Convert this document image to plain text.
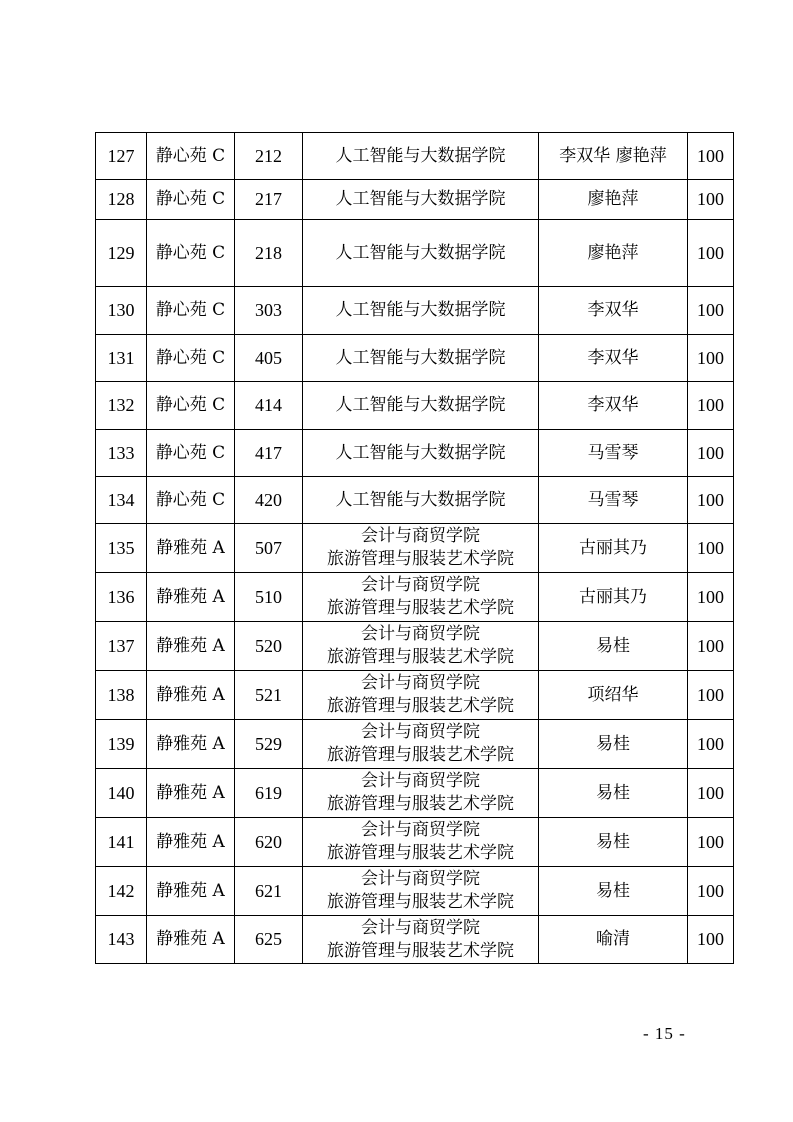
127	静心苑 C	212	人工智能与大数据学院	李双华 廖艳萍	100
128	静心苑 C	217	人工智能与大数据学院	廖艳萍	100
129	静心苑 C	218	人工智能与大数据学院	廖艳萍	100
130	静心苑 C	303	人工智能与大数据学院	李双华	100
131	静心苑 C	405	人工智能与大数据学院	李双华	100
132	静心苑 C	414	人工智能与大数据学院	李双华	100
133	静心苑 C	417	人工智能与大数据学院	马雪琴	100
134	静心苑 C	420	人工智能与大数据学院	马雪琴	100
135	静雅苑 A	507	会计与商贸学院
旅游管理与服装艺术学院	古丽其乃	100
136	静雅苑 A	510	会计与商贸学院
旅游管理与服装艺术学院	古丽其乃	100
137	静雅苑 A	520	会计与商贸学院
旅游管理与服装艺术学院	易桂	100
138	静雅苑 A	521	会计与商贸学院
旅游管理与服装艺术学院	项绍华	100
139	静雅苑 A	529	会计与商贸学院
旅游管理与服装艺术学院	易桂	100
140	静雅苑 A	619	会计与商贸学院
旅游管理与服装艺术学院	易桂	100
141	静雅苑 A	620	会计与商贸学院
旅游管理与服装艺术学院	易桂	100
142	静雅苑 A	621	会计与商贸学院
旅游管理与服装艺术学院	易桂	100
143	静雅苑 A	625	会计与商贸学院
旅游管理与服装艺术学院	喻清	100
- 15 -
